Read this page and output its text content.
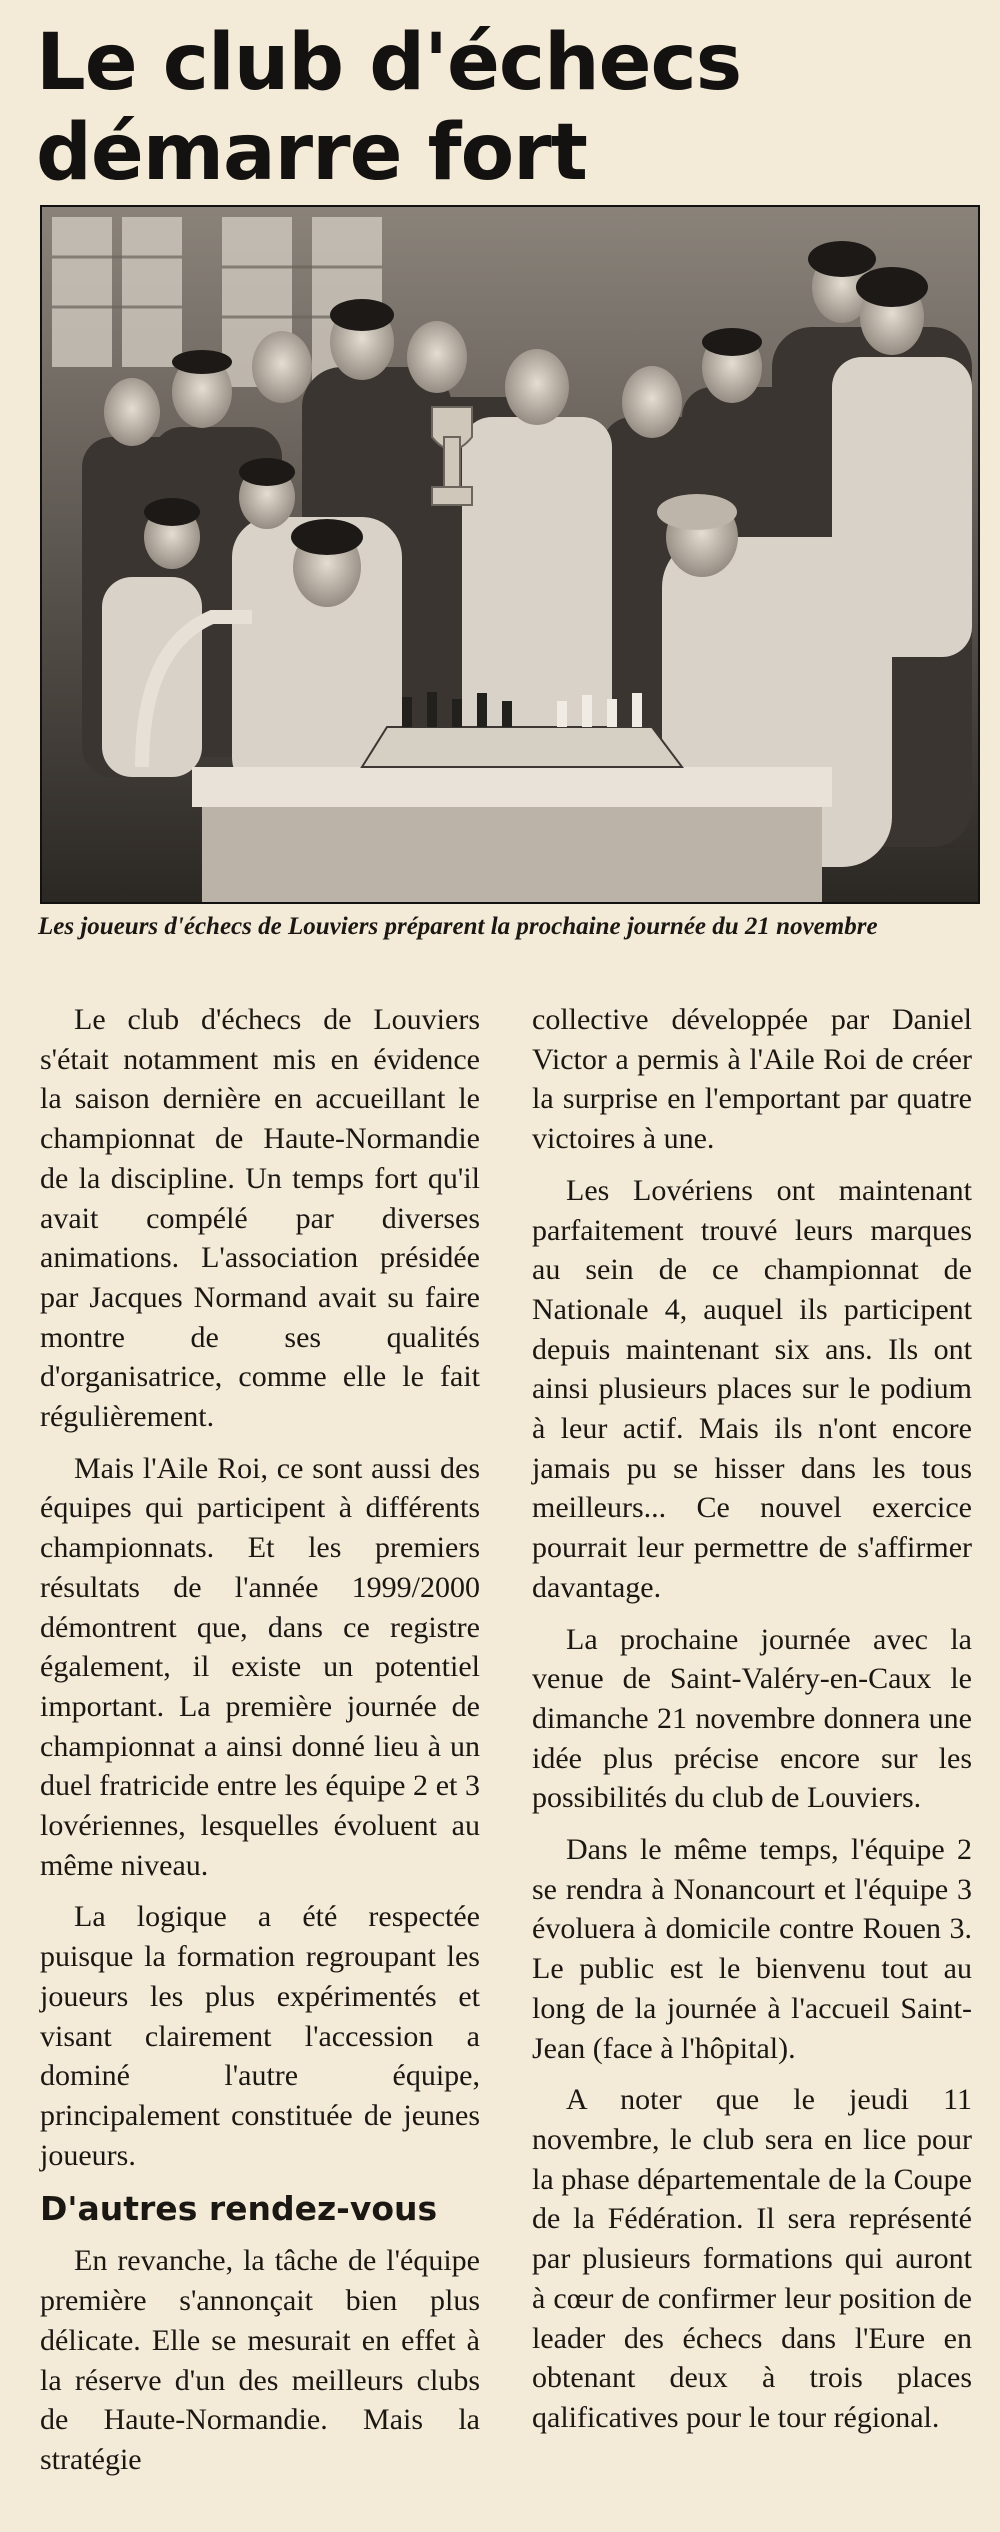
Le club d'échecs
démarre fort

Les joueurs d'échecs de Louviers préparent la prochaine journée du 21 novembre

Le club d'échecs de Louviers s'était notamment mis en évidence la saison dernière en accueillant le championnat de Haute-Normandie de la discipline. Un temps fort qu'il avait compélé par diverses animations. L'association présidée par Jacques Normand avait su faire montre de ses qualités d'organisatrice, comme elle le fait régulièrement.

Mais l'Aile Roi, ce sont aussi des équipes qui participent à différents championnats. Et les premiers résultats de l'année 1999/2000 démontrent que, dans ce registre également, il existe un potentiel important. La première journée de championnat a ainsi donné lieu à un duel fratricide entre les équipe 2 et 3 lovériennes, lesquelles évoluent au même niveau.

La logique a été respectée puisque la formation regroupant les joueurs les plus expérimentés et visant clairement l'accession a dominé l'autre équipe, principalement constituée de jeunes joueurs.

D'autres rendez-vous

En revanche, la tâche de l'équipe première s'annonçait bien plus délicate. Elle se mesurait en effet à la réserve d'un des meilleurs clubs de Haute-Normandie. Mais la stratégie

collective développée par Daniel Victor a permis à l'Aile Roi de créer la surprise en l'emportant par quatre victoires à une.

Les Lovériens ont maintenant parfaitement trouvé leurs marques au sein de ce championnat de Nationale 4, auquel ils participent depuis maintenant six ans. Ils ont ainsi plusieurs places sur le podium à leur actif. Mais ils n'ont encore jamais pu se hisser dans les tous meilleurs... Ce nouvel exercice pourrait leur permettre de s'affirmer davantage.

La prochaine journée avec la venue de Saint-Valéry-en-Caux le dimanche 21 novembre donnera une idée plus précise encore sur les possibilités du club de Louviers.

Dans le même temps, l'équipe 2 se rendra à Nonancourt et l'équipe 3 évoluera à domicile contre Rouen 3. Le public est le bienvenu tout au long de la journée à l'accueil Saint-Jean (face à l'hôpital).

A noter que le jeudi 11 novembre, le club sera en lice pour la phase départementale de la Coupe de la Fédération. Il sera représenté par plusieurs formations qui auront à cœur de confirmer leur position de leader des échecs dans l'Eure en obtenant deux à trois places qalificatives pour le tour régional.
